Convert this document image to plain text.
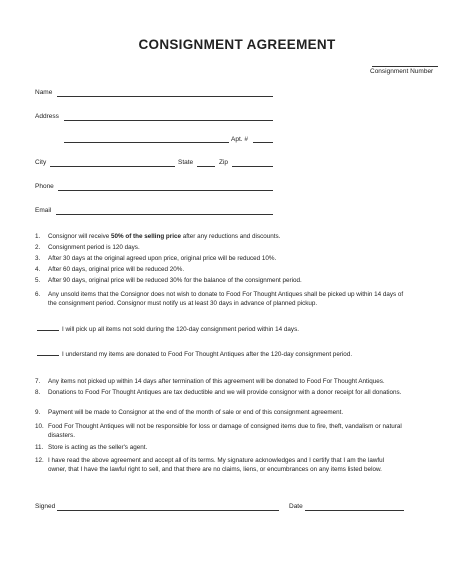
CONSIGNMENT AGREEMENT
Consignment Number
Name
Address
Apt. #
City	State	Zip
Phone
Email
1. Consignor will receive 50% of the selling price after any reductions and discounts.
2. Consignment period is 120 days.
3. After 30 days at the original agreed upon price, original price will be reduced 10%.
4. After 60 days, original price will be reduced 20%.
5. After 90 days, original price will be reduced 30% for the balance of the consignment period.
6. Any unsold items that the Consignor does not wish to donate to Food For Thought Antiques shall be picked up within 14 days of
the consignment period. Consignor must notify us at least 30 days in advance of planned pickup.
I will pick up all items not sold during the 120-day consignment period within 14 days.
I understand my items are donated to Food For Thought Antiques after the 120-day consignment period.
7. Any items not picked up within 14 days after termination of this agreement will be donated to Food For Thought Antiques.
8. Donations to Food For Thought Antiques are tax deductible and we will provide consignor with a donor receipt for all donations.
9. Payment will be made to Consignor at the end of the month of sale or end of this consignment agreement.
10. Food For Thought Antiques will not be responsible for loss or damage of consigned items due to fire, theft, vandalism or natural
disasters.
11. Store is acting as the seller's agent.
12. I have read the above agreement and accept all of its terms. My signature acknowledges and I certify that I am the lawful
owner, that I have the lawful right to sell, and that there are no claims, liens, or encumbrances on any items listed below.
Signed	Date
